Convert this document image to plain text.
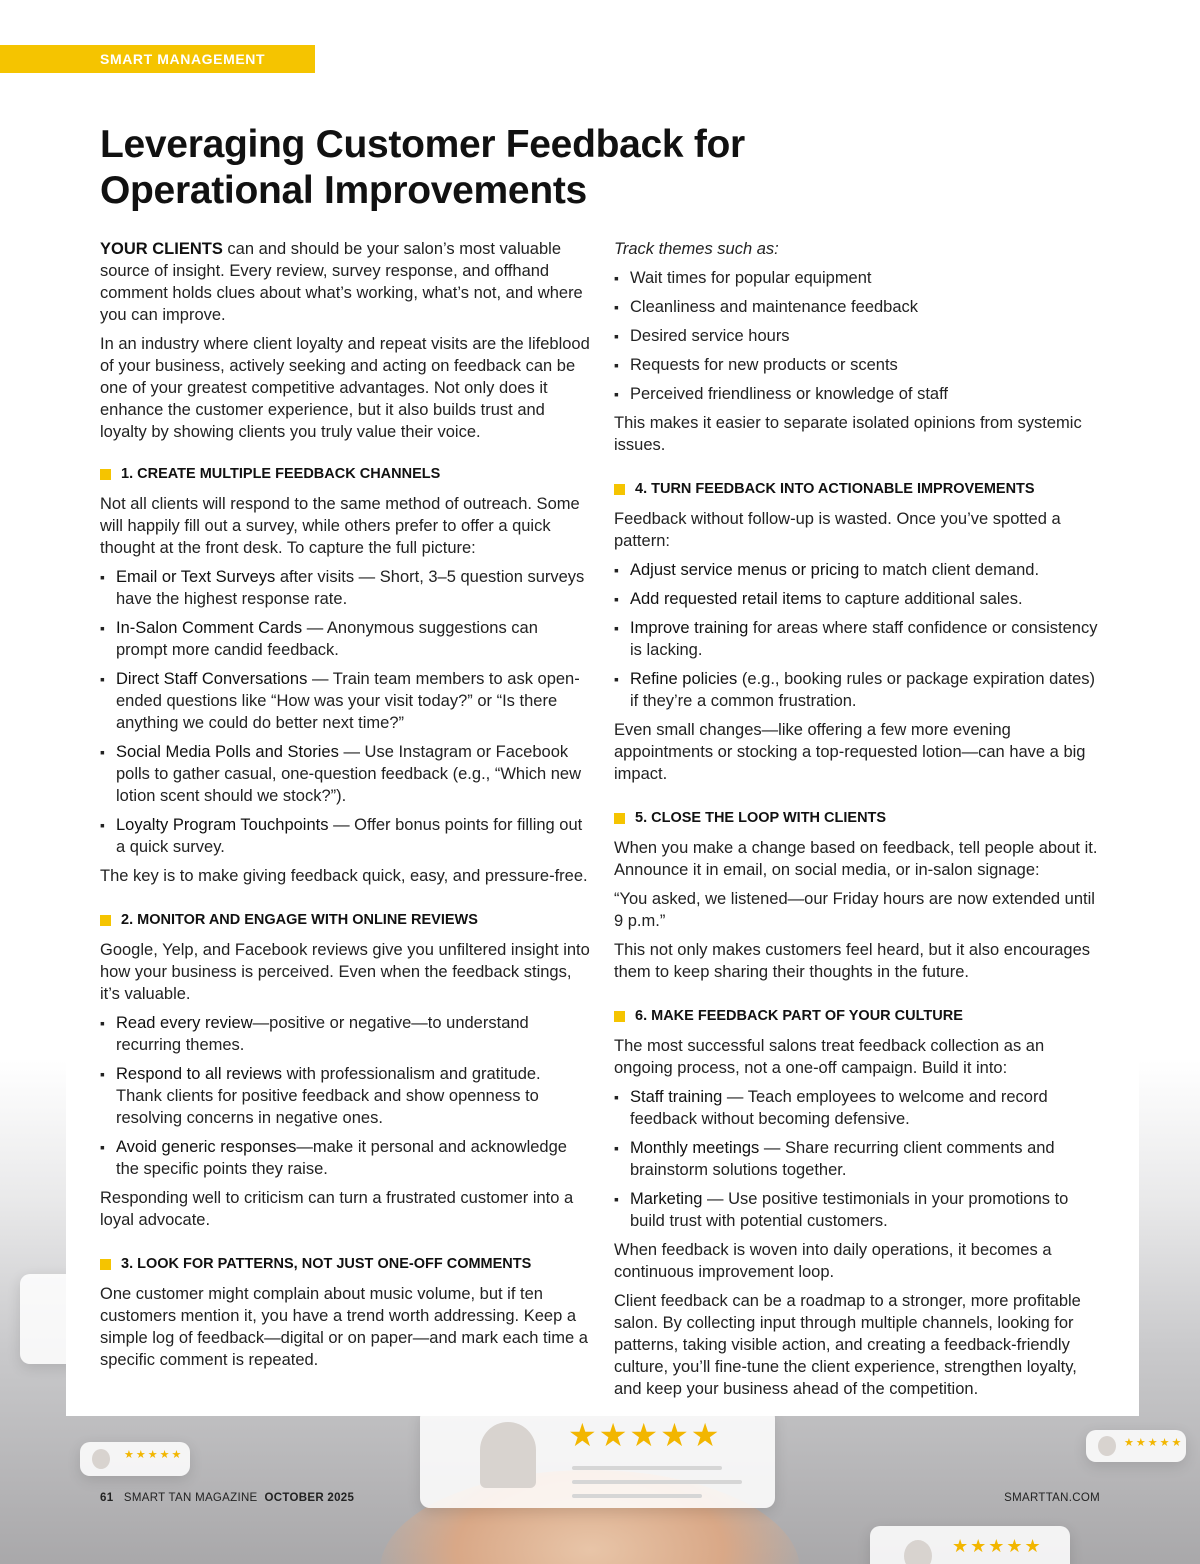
★★★★★
★★★★★
★★★★★
★★★★★
SMART MANAGEMENT
Leveraging Customer Feedback for Operational Improvements

YOUR CLIENTS can and should be your salon’s most valuable source of insight. Every review, survey response, and offhand comment holds clues about what’s working, what’s not, and where you can improve.

In an industry where client loyalty and repeat visits are the lifeblood of your business, actively seeking and acting on feedback can be one of your greatest competitive advantages. Not only does it enhance the customer experience, but it also builds trust and loyalty by showing clients you truly value their voice.

1. CREATE MULTIPLE FEEDBACK CHANNELS

Not all clients will respond to the same method of outreach. Some will happily fill out a survey, while others prefer to offer a quick thought at the front desk. To capture the full picture:

▪ Email or Text Surveys after visits — Short, 3–5 question surveys have the highest response rate.
▪ In-Salon Comment Cards — Anonymous suggestions can prompt more candid feedback.
▪ Direct Staff Conversations — Train team members to ask open-ended questions like “How was your visit today?” or “Is there anything we could do better next time?”
▪ Social Media Polls and Stories — Use Instagram or Facebook polls to gather casual, one-question feedback (e.g., “Which new lotion scent should we stock?”).
▪ Loyalty Program Touchpoints — Offer bonus points for filling out a quick survey.

The key is to make giving feedback quick, easy, and pressure-free.

2. MONITOR AND ENGAGE WITH ONLINE REVIEWS

Google, Yelp, and Facebook reviews give you unfiltered insight into how your business is perceived. Even when the feedback stings, it’s valuable.

▪ Read every review—positive or negative—to understand recurring themes.
▪ Respond to all reviews with professionalism and gratitude. Thank clients for positive feedback and show openness to resolving concerns in negative ones.
▪ Avoid generic responses—make it personal and acknowledge the specific points they raise.

Responding well to criticism can turn a frustrated customer into a loyal advocate.

3. LOOK FOR PATTERNS, NOT JUST ONE-OFF COMMENTS

One customer might complain about music volume, but if ten customers mention it, you have a trend worth addressing. Keep a simple log of feedback—digital or on paper—and mark each time a specific comment is repeated.

Track themes such as:

▪ Wait times for popular equipment
▪ Cleanliness and maintenance feedback
▪ Desired service hours
▪ Requests for new products or scents
▪ Perceived friendliness or knowledge of staff

This makes it easier to separate isolated opinions from systemic issues.

4. TURN FEEDBACK INTO ACTIONABLE IMPROVEMENTS

Feedback without follow-up is wasted. Once you’ve spotted a pattern:

▪ Adjust service menus or pricing to match client demand.
▪ Add requested retail items to capture additional sales.
▪ Improve training for areas where staff confidence or consistency is lacking.
▪ Refine policies (e.g., booking rules or package expiration dates) if they’re a common frustration.

Even small changes—like offering a few more evening appointments or stocking a top-requested lotion—can have a big impact.

5. CLOSE THE LOOP WITH CLIENTS

When you make a change based on feedback, tell people about it. Announce it in email, on social media, or in-salon signage:

“You asked, we listened—our Friday hours are now extended until 9 p.m.”

This not only makes customers feel heard, but it also encourages them to keep sharing their thoughts in the future.

6. MAKE FEEDBACK PART OF YOUR CULTURE

The most successful salons treat feedback collection as an ongoing process, not a one-off campaign. Build it into:

▪ Staff training — Teach employees to welcome and record feedback without becoming defensive.
▪ Monthly meetings — Share recurring client comments and brainstorm solutions together.
▪ Marketing — Use positive testimonials in your promotions to build trust with potential customers.

When feedback is woven into daily operations, it becomes a continuous improvement loop.

Client feedback can be a roadmap to a stronger, more profitable salon. By collecting input through multiple channels, looking for patterns, taking visible action, and creating a feedback-friendly culture, you’ll fine-tune the client experience, strengthen loyalty, and keep your business ahead of the competition.

61 SMART TAN MAGAZINE OCTOBER 2025	SMARTTAN.COM
